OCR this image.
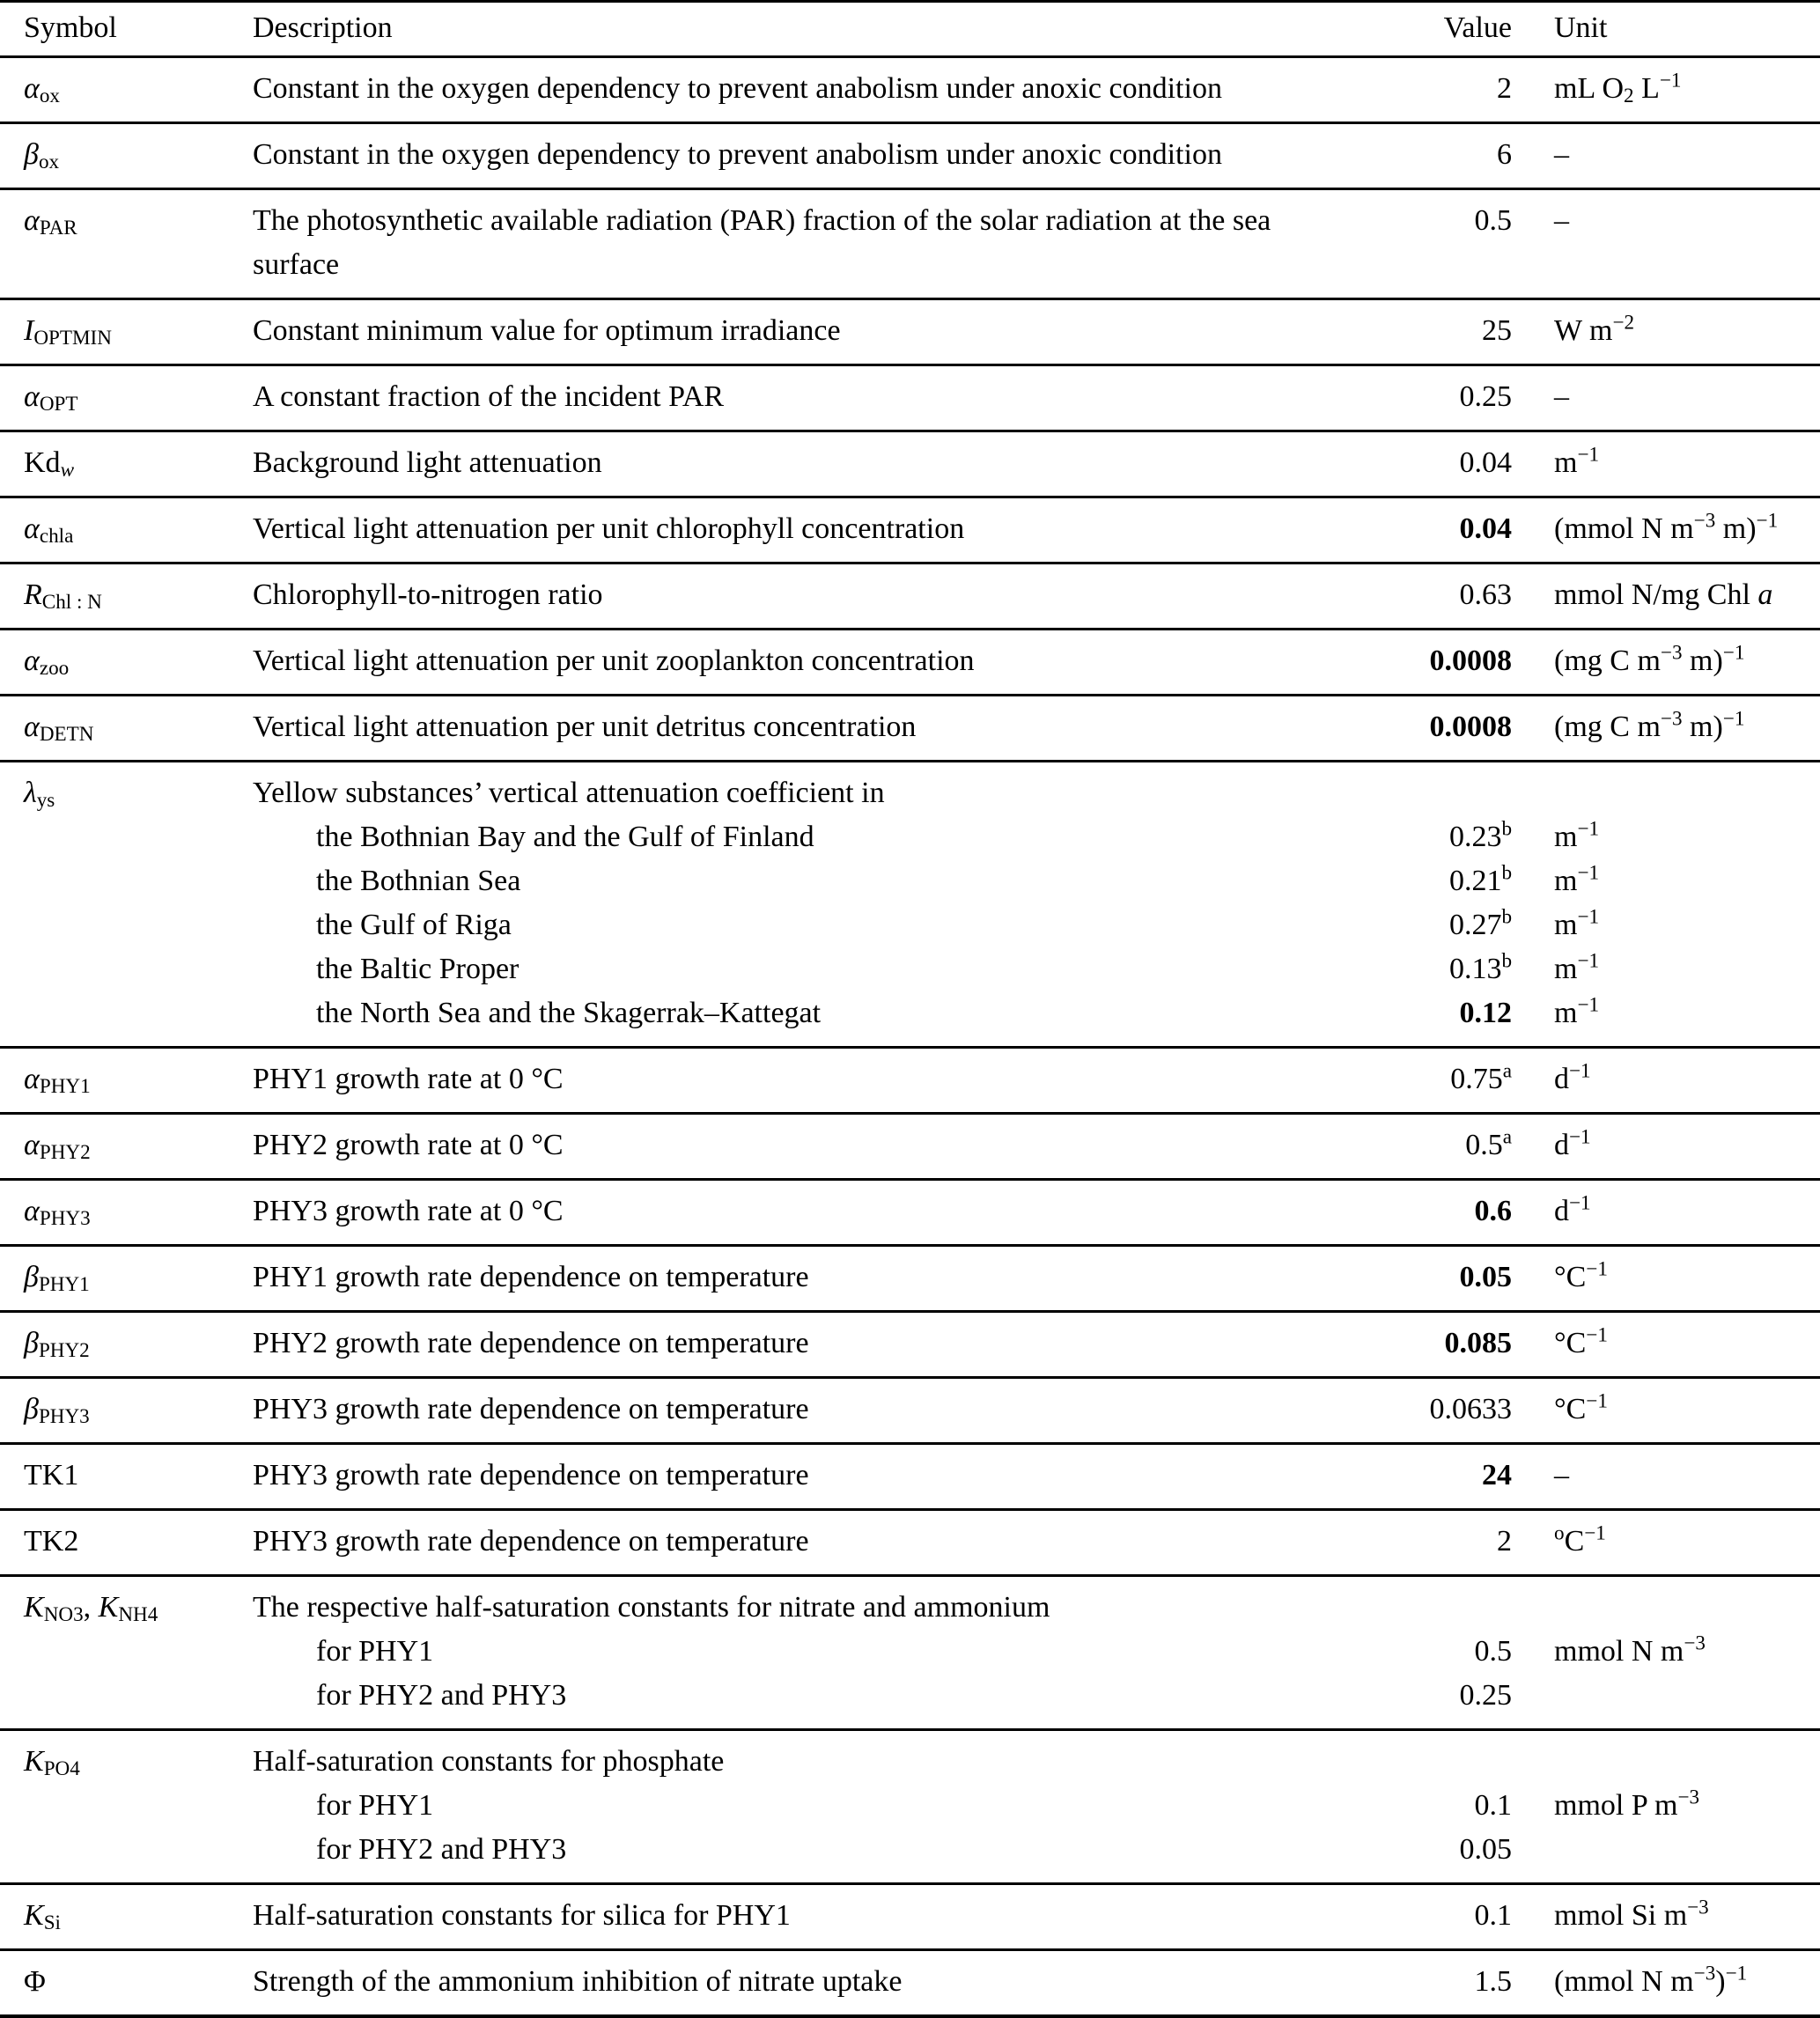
Symbol	Description	Value	Unit
$\alpha_{ox}$	Constant in the oxygen dependency to prevent anabolism under anoxic condition	2	mL $O_2$ $L^{-1}$
$\beta_{ox}$	Constant in the oxygen dependency to prevent anabolism under anoxic condition	6	–
$\alpha_{PAR}$	The photosynthetic available radiation (PAR) fraction of the solar radiation at the sea surface	0.5	–
$I_{OPTMIN}$	Constant minimum value for optimum irradiance	25	W $m^{-2}$
$\alpha_{OPT}$	A constant fraction of the incident PAR	0.25	–
$Kd_w$	Background light attenuation	0.04	$m^{-1}$
$\alpha_{chla}$	Vertical light attenuation per unit chlorophyll concentration	0.04	(mmol N $m^{-3}$ m)$^{-1}$
$R_{Chl : N}$	Chlorophyll-to-nitrogen ratio	0.63	mmol N/mg Chl a
$\alpha_{zoo}$	Vertical light attenuation per unit zooplankton concentration	0.0008	(mg C $m^{-3}$ m)$^{-1}$
$\alpha_{DETN}$	Vertical light attenuation per unit detritus concentration	0.0008	(mg C $m^{-3}$ m)$^{-1}$
$\lambda_{ys}$	Yellow substances’ vertical attenuation coefficient in		
	the Bothnian Bay and the Gulf of Finland	0.23$^b$	$m^{-1}$
	the Bothnian Sea	0.21$^b$	$m^{-1}$
	the Gulf of Riga	0.27$^b$	$m^{-1}$
	the Baltic Proper	0.13$^b$	$m^{-1}$
	the North Sea and the Skagerrak–Kattegat	0.12	$m^{-1}$
$\alpha_{PHY1}$	PHY1 growth rate at 0 °C	0.75$^a$	$d^{-1}$
$\alpha_{PHY2}$	PHY2 growth rate at 0 °C	0.5$^a$	$d^{-1}$
$\alpha_{PHY3}$	PHY3 growth rate at 0 °C	0.6	$d^{-1}$
$\beta_{PHY1}$	PHY1 growth rate dependence on temperature	0.05	$^\circ C^{-1}$
$\beta_{PHY2}$	PHY2 growth rate dependence on temperature	0.085	$^\circ C^{-1}$
$\beta_{PHY3}$	PHY3 growth rate dependence on temperature	0.0633	$^\circ C^{-1}$
TK1	PHY3 growth rate dependence on temperature	24	–
TK2	PHY3 growth rate dependence on temperature	2	$^oC^{-1}$
$K_{NO3}$, $K_{NH4}$	The respective half-saturation constants for nitrate and ammonium		
	for PHY1	0.5	mmol N $m^{-3}$
	for PHY2 and PHY3	0.25	
$K_{PO4}$	Half-saturation constants for phosphate		
	for PHY1	0.1	mmol P $m^{-3}$
	for PHY2 and PHY3	0.05	
$K_{Si}$	Half-saturation constants for silica for PHY1	0.1	mmol Si $m^{-3}$
Φ	Strength of the ammonium inhibition of nitrate uptake	1.5	(mmol N $m^{-3})^{-1}$
